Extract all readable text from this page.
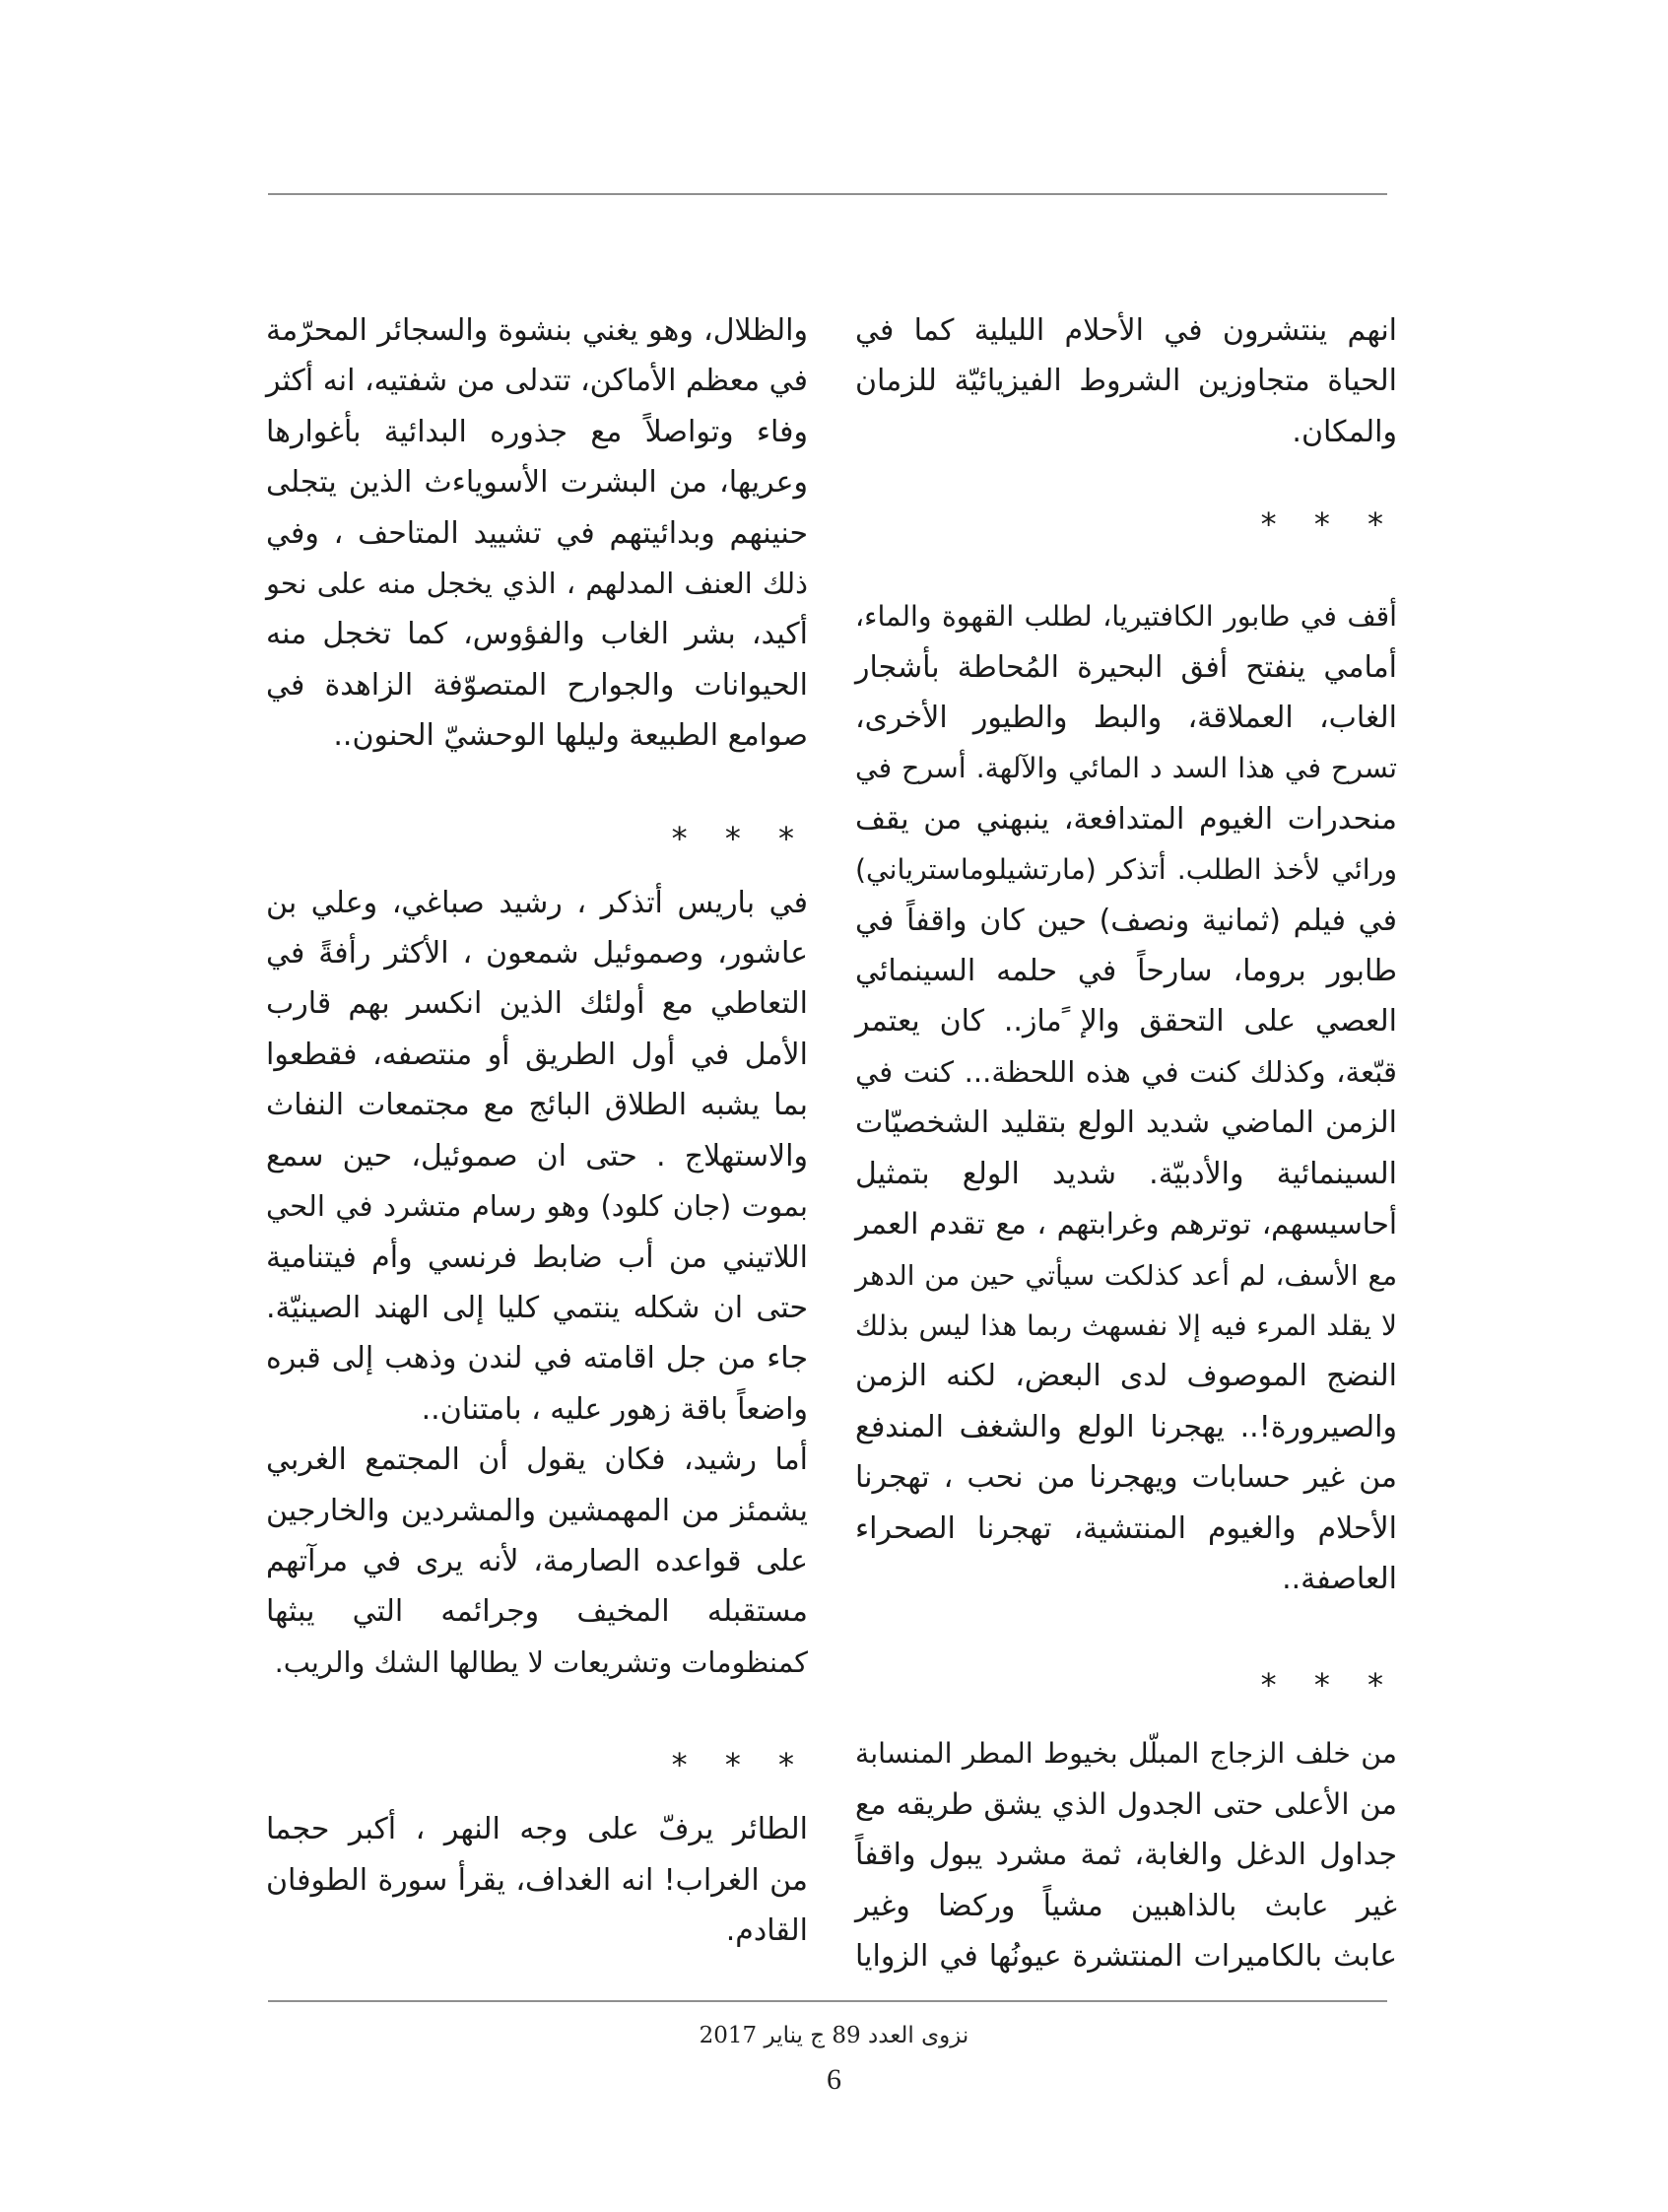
انهم ينتشرون في الأحلام الليلية كما في
الحياة متجاوزين الشروط الفيزيائيّة للزمان
والمكان.
* * *
أقف في طابور الكافتيريا، لطلب القهوة والماء،
أمامي ينفتح أفق البحيرة المُحاطة بأشجار
الغاب، العملاقة، والبط والطيور الأخرى،
تسرح في هذا السد د المائي والآلهة. أسرح في
منحدرات الغيوم المتدافعة، ينبهني من يقف
ورائي لأخذ الطلب. أتذكر (مارتشيلوماستریاني)
في فيلم (ثمانية ونصف) حين كان واقفاً في
طابور بروما، سارحاً في حلمه السينمائي
العصي على التحقق والإ ًماز.. كان يعتمر
قبّعة، وكذلك كنت في هذه اللحظة... كنت في
الزمن الماضي شديد الولع بتقليد الشخصيّات
السينمائية والأدبيّة. شديد الولع بتمثيل
أحاسيسهم، توترهم وغرابتهم ، مع تقدم العمر
مع الأسف، لم أعد كذلكت سيأتي حين من الدهر
لا يقلد المرء فيه إلا نفسهث ربما هذا ليس بذلك
النضج الموصوف لدى البعض، لكنه الزمن
والصيرورة!.. يهجرنا الولع والشغف المندفع
من غير حسابات ويهجرنا من نحب ، تهجرنا
الأحلام والغيوم المنتشية، تهجرنا الصحراء
العاصفة..
* * *
من خلف الزجاج المبلّل بخيوط المطر المنسابة
من الأعلى حتى الجدول الذي يشق طريقه مع
جداول الدغل والغابة، ثمة مشرد يبول واقفاً
غير عابث بالذاهبين مشياً وركضا وغير
عابث بالكاميرات المنتشرة عيونُها في الزوايا
والظلال، وهو يغني بنشوة والسجائر المحرّمة
في معظم الأماكن، تتدلى من شفتيه، انه أكثر
وفاء وتواصلاً مع جذوره البدائية بأغوارها
وعريها، من البشرت الأسوياءث الذين يتجلى
حنينهم وبدائيتهم في تشييد المتاحف ، وفي
ذلك العنف المدلهم ، الذي يخجل منه على نحو
أكيد، بشر الغاب والفؤوس، كما تخجل منه
الحيوانات والجوارح المتصوّفة الزاهدة في
صوامع الطبيعة وليلها الوحشيّ الحنون..
* * *
في باريس أتذكر ، رشيد صباغي، وعلي بن
عاشور، وصموئيل شمعون ، الأكثر رأفةً في
التعاطي مع أولئك الذين انكسر بهم قارب
الأمل في أول الطريق أو منتصفه، فقطعوا
بما يشبه الطلاق البائج مع مجتمعات النفاث
والاستهلاج . حتى ان صموئيل، حين سمع
بموت (جان كلود) وهو رسام متشرد في الحي
اللاتيني من أب ضابط فرنسي وأم فيتنامية
حتى ان شكله ينتمي كليا إلى الهند الصينيّة.
جاء من جل اقامته في لندن وذهب إلى قبره
واضعاً باقة زهور عليه ، بامتنان..
أما رشيد، فكان يقول أن المجتمع الغربي
يشمئز من المهمشين والمشردين والخارجين
على قواعده الصارمة، لأنه يرى في مرآتهم
مستقبله المخيف وجرائمه التي يبثها
كمنظومات وتشريعات لا يطالها الشك والريب.
* * *
الطائر يرفّ على وجه النهر ، أكبر حجما
من الغراب! انه الغداف، يقرأ سورة الطوفان
القادم.
نزوى العدد 89 ج يناير 2017
6
